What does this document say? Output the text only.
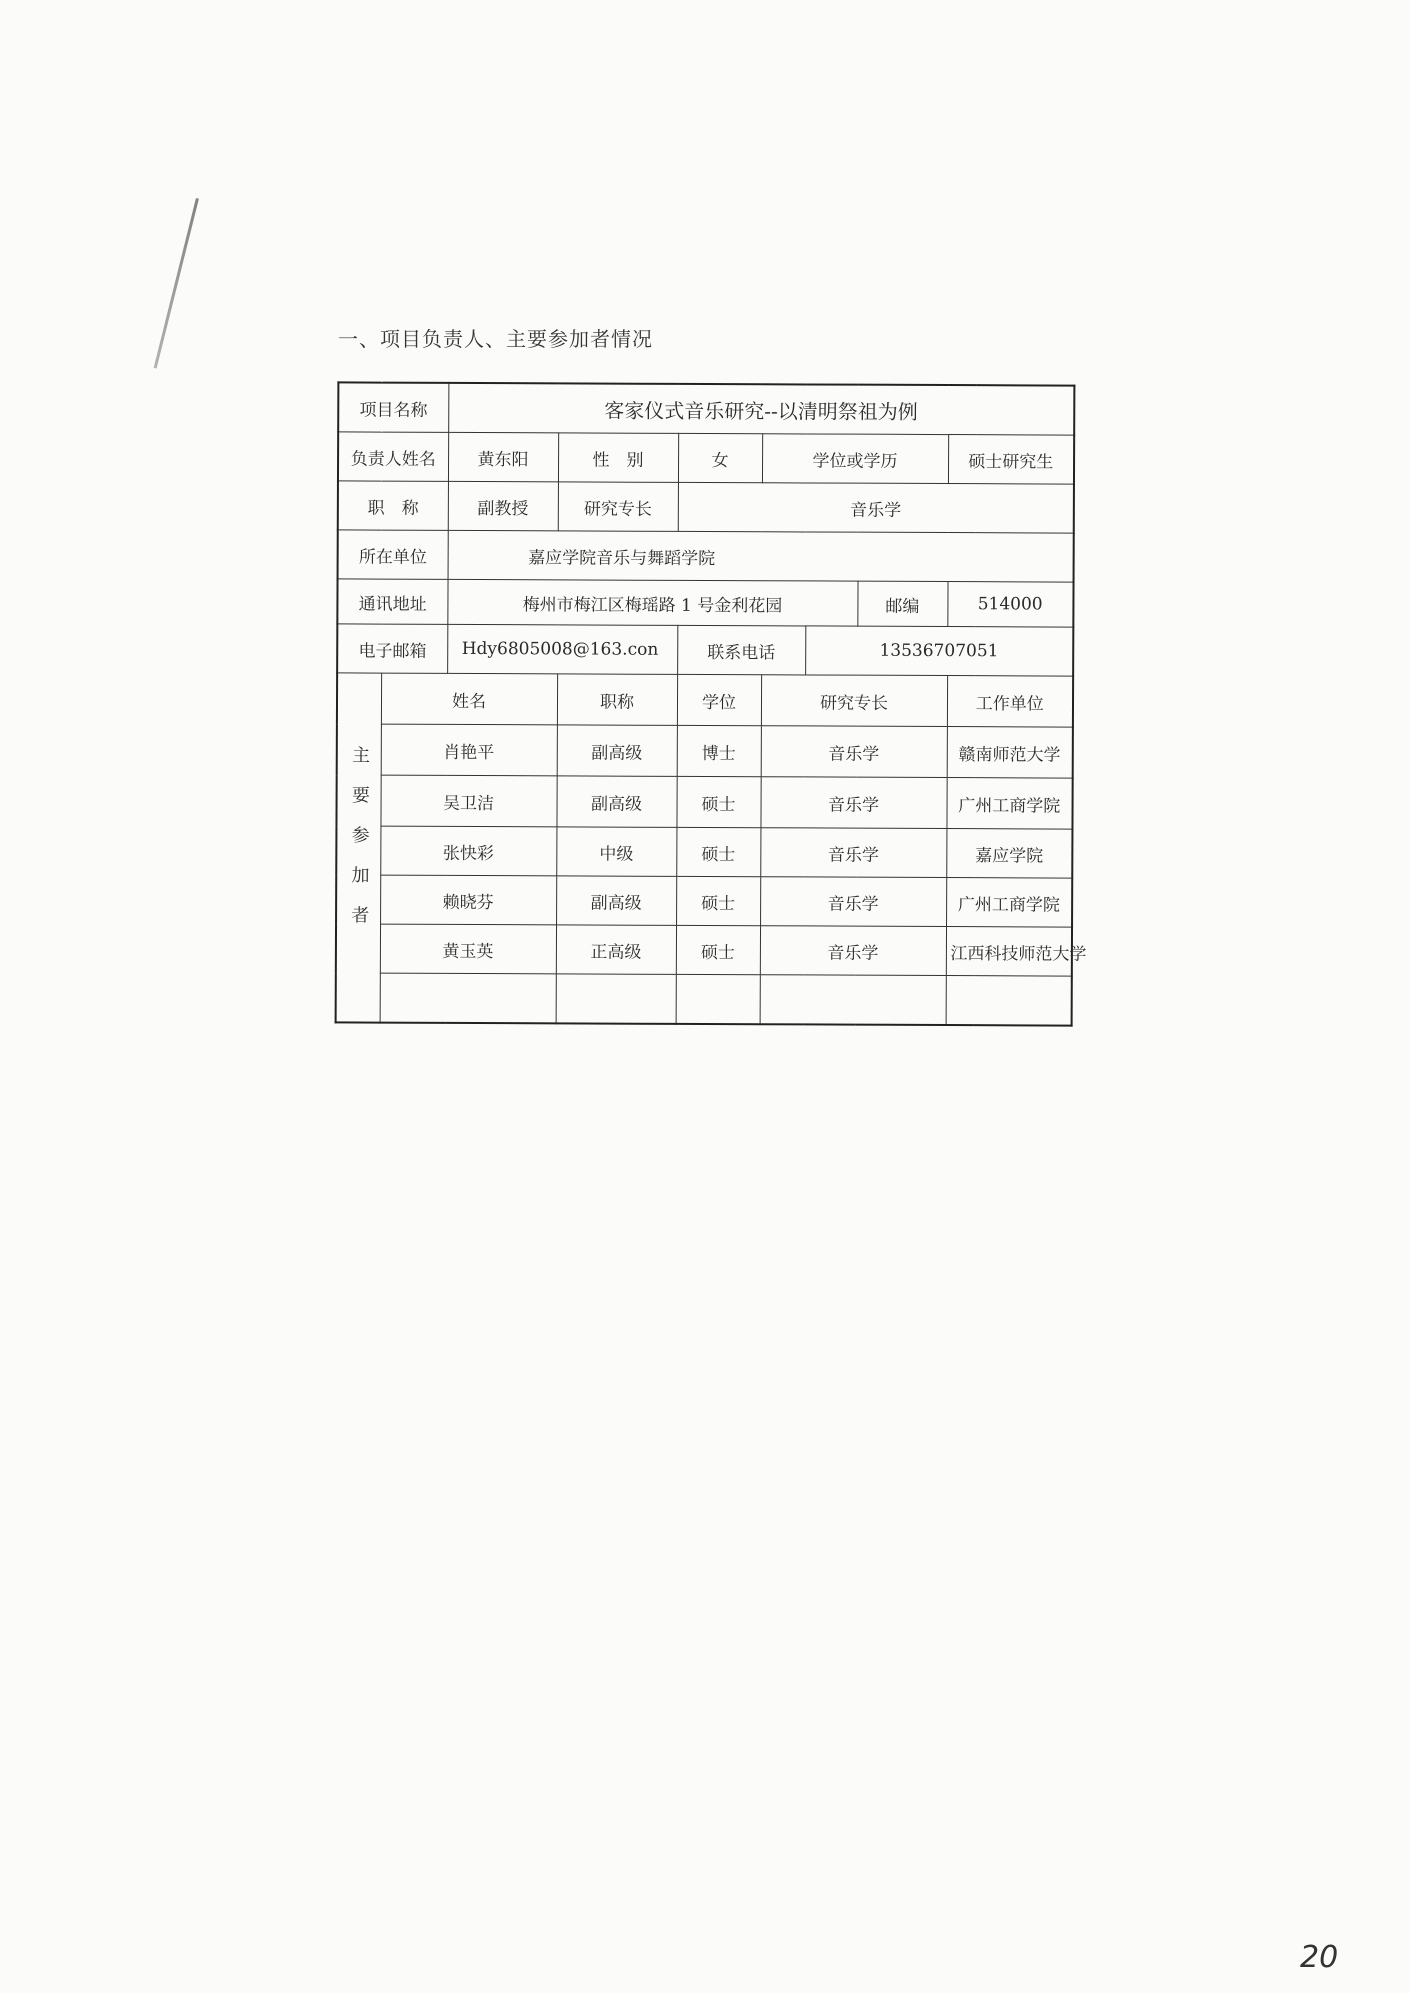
一、项目负责人、主要参加者情况
项目名称		客家仪式音乐研究--以清明祭祖为例						
负责人姓名		黄东阳	性　别	女	学位或学历			硕士研究生
职　称		副教授	研究专长	音乐学				
所在单位		嘉应学院音乐与舞蹈学院						
通讯地址		梅州市梅江区梅瑶路 1 号金利花园					邮编	514000
电子邮箱		Hdy6805008@163.con		联系电话		13536707051		
主要参加者	姓名		职称	学位	研究专长			工作单位
	肖艳平		副高级	博士	音乐学			赣南师范大学
	吴卫洁		副高级	硕士	音乐学			广州工商学院
	张快彩		中级	硕士	音乐学			嘉应学院
	赖晓芬		副高级	硕士	音乐学			广州工商学院
	黄玉英		正高级	硕士	音乐学			江西科技师范大学

20
